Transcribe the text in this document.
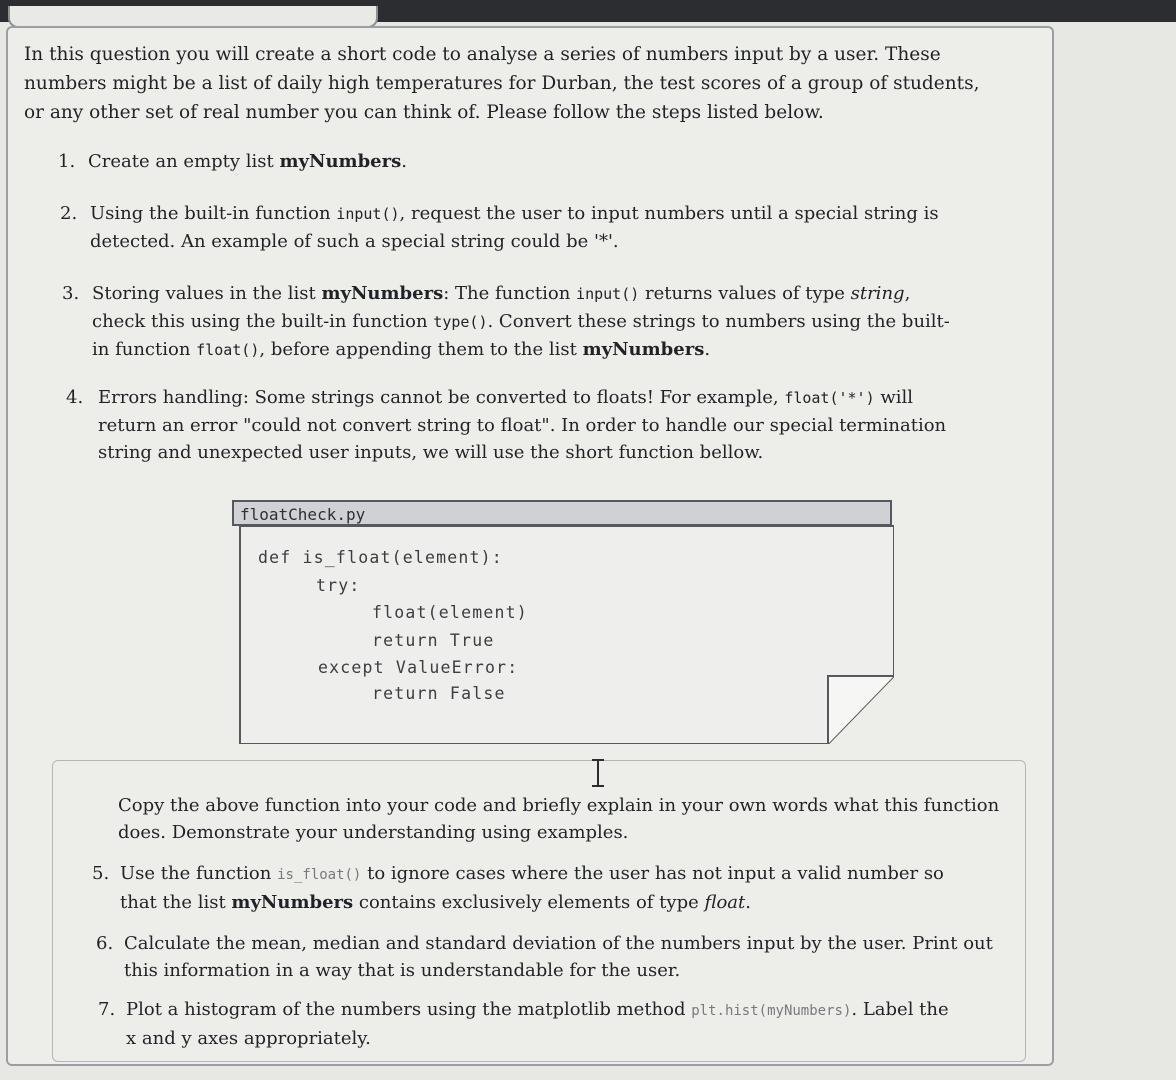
In this question you will create a short code to analyse a series of numbers input by a user. These
numbers might be a list of daily high temperatures for Durban, the test scores of a group of students,
or any other set of real number you can think of. Please follow the steps listed below.
1. Create an empty list myNumbers.
2. Using the built-in function input(), request the user to input numbers until a special string is
detected. An example of such a special string could be '*'.
3. Storing values in the list myNumbers: The function input() returns values of type string,
check this using the built-in function type(). Convert these strings to numbers using the built-
in function float(), before appending them to the list myNumbers.
4. Errors handling: Some strings cannot be converted to floats! For example, float('*') will
return an error "could not convert string to float". In order to handle our special termination
string and unexpected user inputs, we will use the short function bellow.
floatCheck.py
def is_float(element):
try:
float(element)
return True
except ValueError:
return False
Copy the above function into your code and briefly explain in your own words what this function
does. Demonstrate your understanding using examples.
5. Use the function is_float() to ignore cases where the user has not input a valid number so
that the list myNumbers contains exclusively elements of type float.
6. Calculate the mean, median and standard deviation of the numbers input by the user. Print out
this information in a way that is understandable for the user.
7. Plot a histogram of the numbers using the matplotlib method plt.hist(myNumbers). Label the
x and y axes appropriately.
